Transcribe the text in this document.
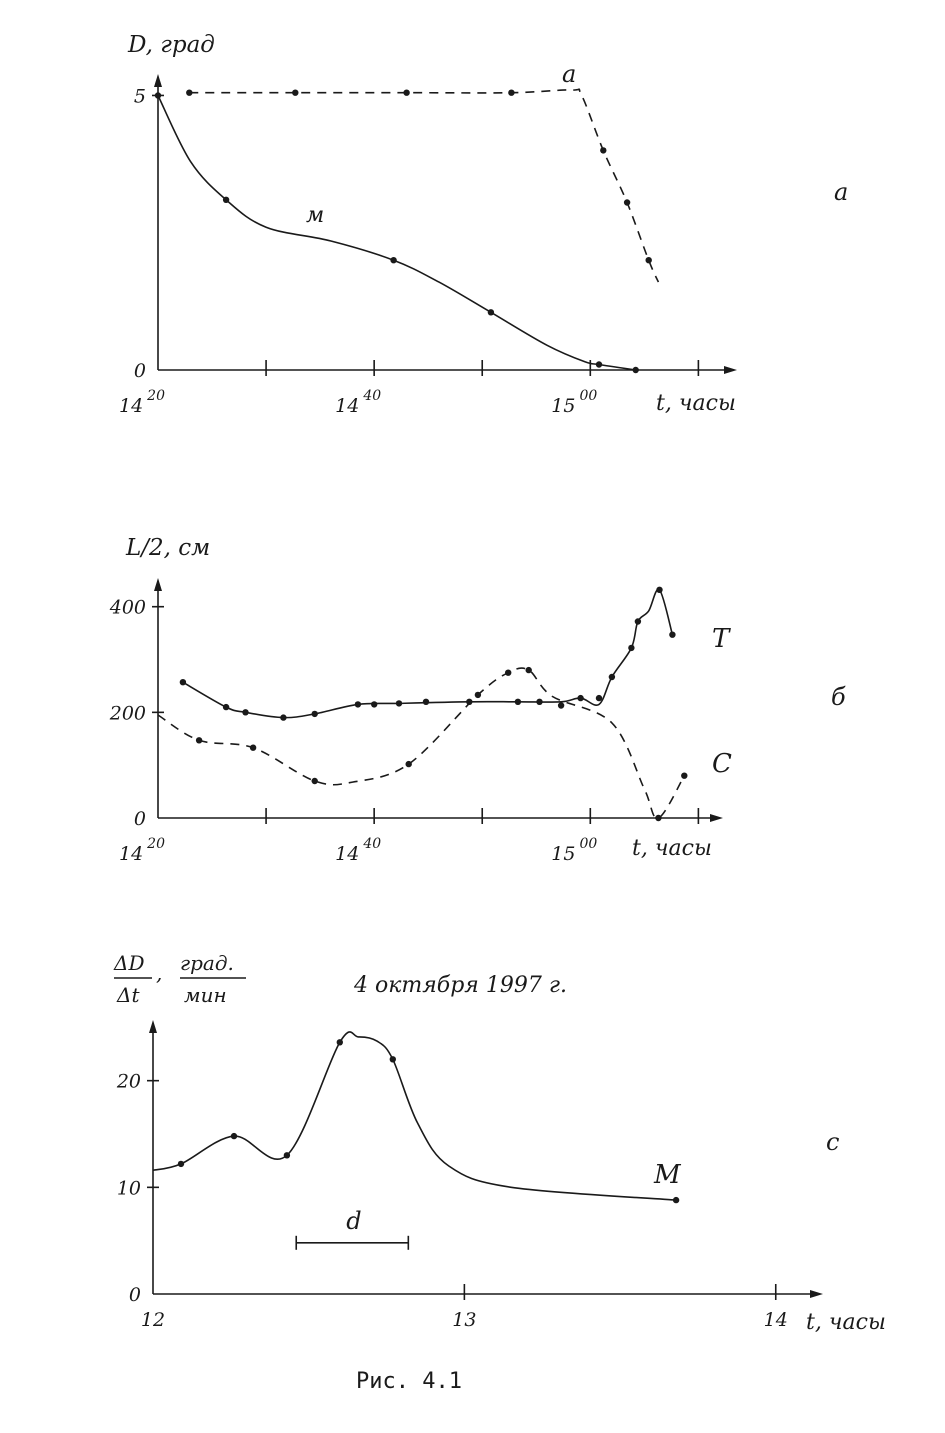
D, град
t, часы
а
0
5
14 $^{20}$	14 $^{40}$	15 $^{00}$
м
а
L/2, см
t, часы
б
0
200
400
14 $^{20}$	14 $^{40}$	15 $^{00}$
T
C
ΔD
Δt
, град.
мин	4 октября 1997 г.
t, часы
с
0
10
20
12	13	14
M
d
Рис. 4.1
